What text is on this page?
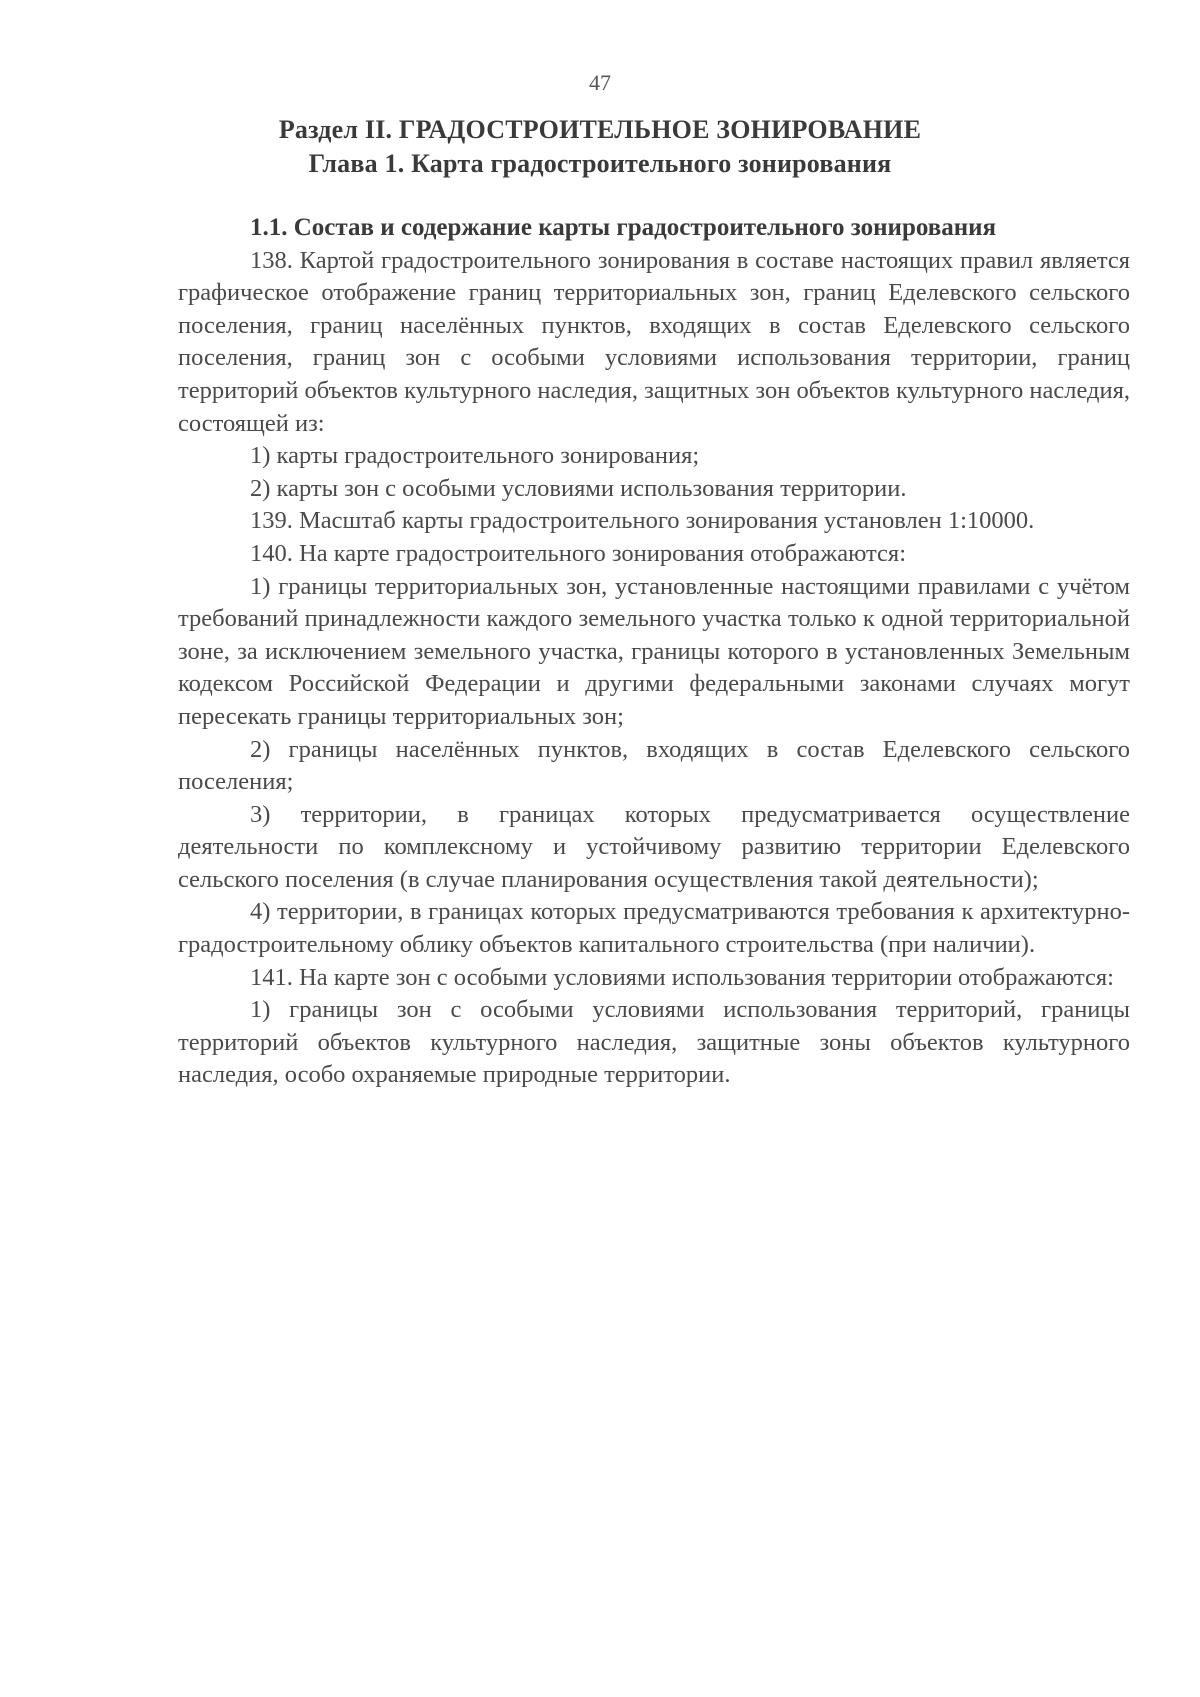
47
Раздел II. ГРАДОСТРОИТЕЛЬНОЕ ЗОНИРОВАНИЕ
Глава 1. Карта градостроительного зонирования
1.1. Состав и содержание карты градостроительного зонирования

138. Картой градостроительного зонирования в составе настоящих правил является графическое отображение границ территориальных зон, границ Еделевского сельского поселения, границ населённых пунктов, входящих в состав Еделевского сельского поселения, границ зон с особыми условиями использования территории, границ территорий объектов культурного наследия, защитных зон объектов культурного наследия, состоящей из:

1) карты градостроительного зонирования;

2) карты зон с особыми условиями использования территории.

139. Масштаб карты градостроительного зонирования установлен 1:10000.

140. На карте градостроительного зонирования отображаются:

1) границы территориальных зон, установленные настоящими правилами с учётом требований принадлежности каждого земельного участка только к одной территориальной зоне, за исключением земельного участка, границы которого в установленных Земельным кодексом Российской Федерации и другими федеральными законами случаях могут пересекать границы территориальных зон;

2) границы населённых пунктов, входящих в состав Еделевского сельского поселения;

3) территории, в границах которых предусматривается осуществление деятельности по комплексному и устойчивому развитию территории Еделевского сельского поселения (в случае планирования осуществления такой деятельности);

4) территории, в границах которых предусматриваются требования к архитектурно-градостроительному облику объектов капитального строительства (при наличии).

141. На карте зон с особыми условиями использования территории отображаются:

1) границы зон с особыми условиями использования территорий, границы территорий объектов культурного наследия, защитные зоны объектов культурного наследия, особо охраняемые природные территории.
